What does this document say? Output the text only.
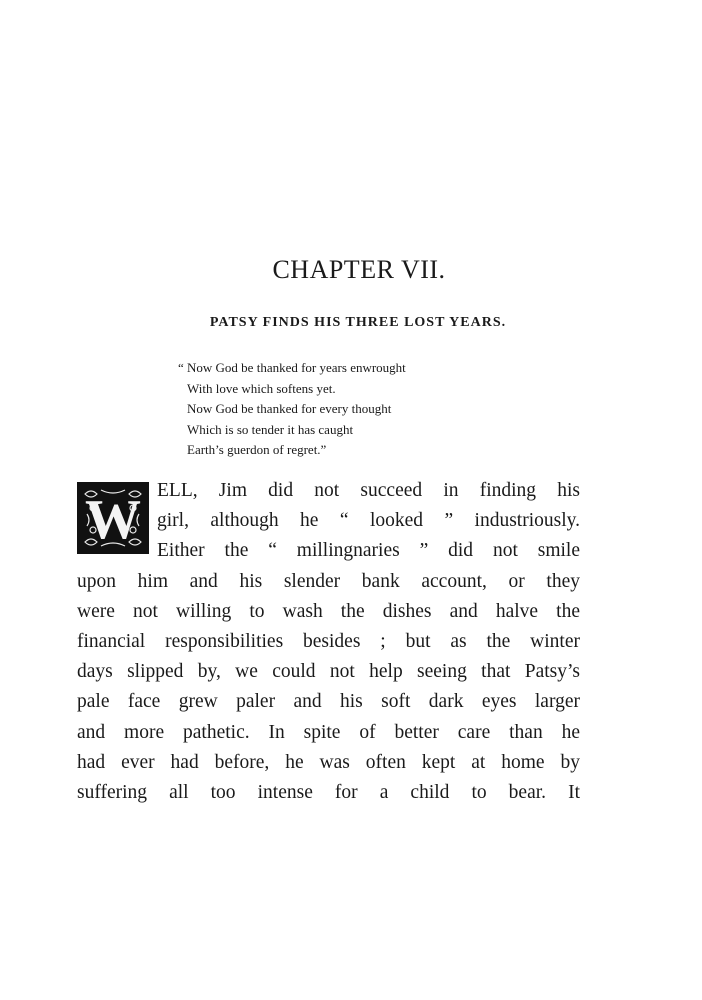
CHAPTER VII.
PATSY FINDS HIS THREE LOST YEARS.
“ Now God be thanked for years enwrought
With love which softens yet.
Now God be thanked for every thought
Which is so tender it has caught
Earth’s guerdon of regret.”
W ELL, Jim did not succeed in finding his
girl, although he “ looked ” industriously.
Either the “ millingnaries ” did not smile
upon him and his slender bank account, or they
were not willing to wash the dishes and halve the
financial responsibilities besides ; but as the winter
days slipped by, we could not help seeing that Patsy’s
pale face grew paler and his soft dark eyes larger
and more pathetic. In spite of better care than he
had ever had before, he was often kept at home by
suffering all too intense for a child to bear. It
